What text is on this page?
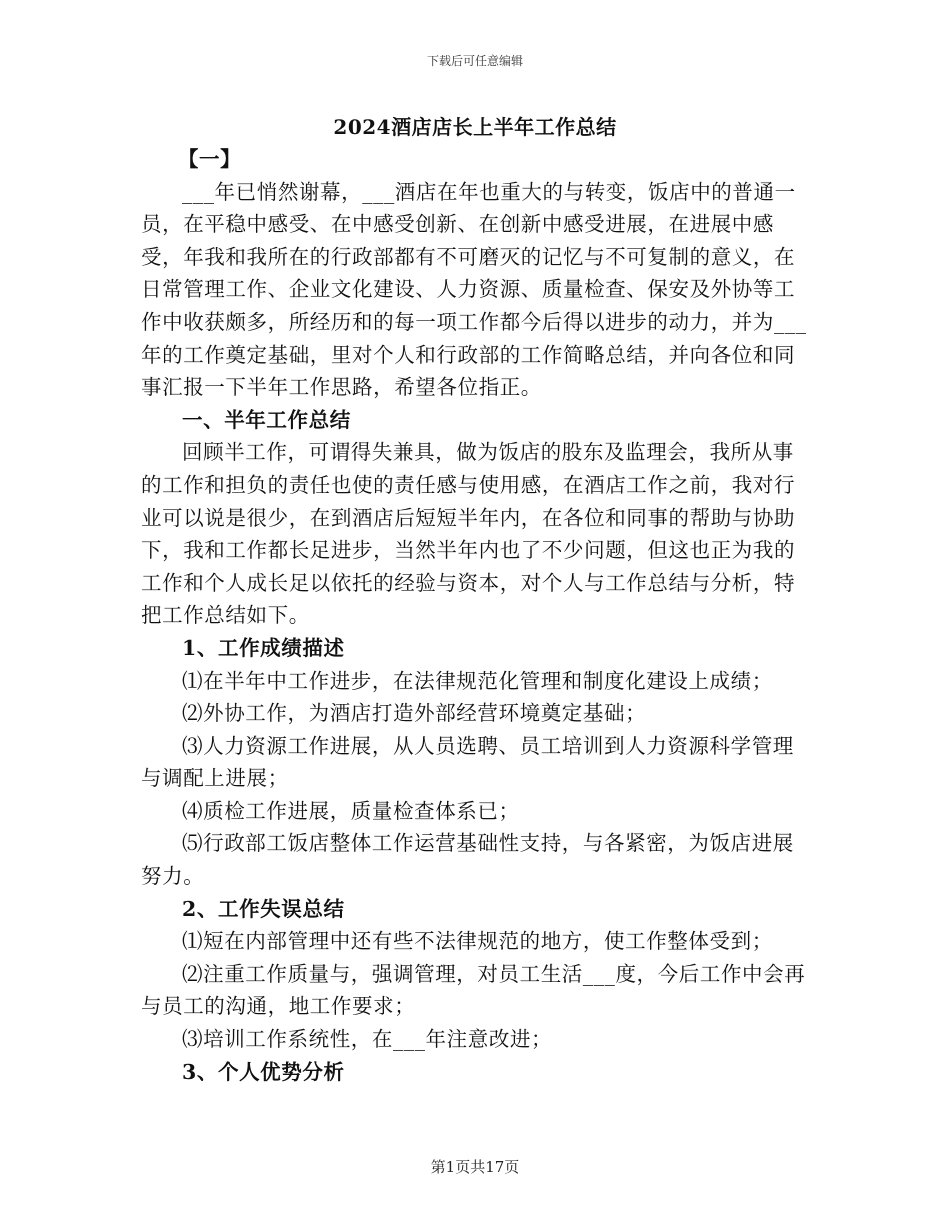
下载后可任意编辑
2024酒店店长上半年工作总结

【一】

___年已悄然谢幕，___酒店在年也重大的与转变，饭店中的普通一员，在平稳中感受、在中感受创新、在创新中感受进展，在进展中感受，年我和我所在的行政部都有不可磨灭的记忆与不可复制的意义，在日常管理工作、企业文化建设、人力资源、质量检查、保安及外协等工作中收获颇多，所经历和的每一项工作都今后得以进步的动力，并为___年的工作奠定基础，里对个人和行政部的工作简略总结，并向各位和同事汇报一下半年工作思路，希望各位指正。

一、半年工作总结

回顾半工作，可谓得失兼具，做为饭店的股东及监理会，我所从事的工作和担负的责任也使的责任感与使用感，在酒店工作之前，我对行业可以说是很少，在到酒店后短短半年内，在各位和同事的帮助与协助下，我和工作都长足进步，当然半年内也了不少问题，但这也正为我的工作和个人成长足以依托的经验与资本，对个人与工作总结与分析，特把工作总结如下。

1、工作成绩描述

⑴在半年中工作进步，在法律规范化管理和制度化建设上成绩；

⑵外协工作，为酒店打造外部经营环境奠定基础；

⑶人力资源工作进展，从人员选聘、员工培训到人力资源科学管理与调配上进展；

⑷质检工作进展，质量检查体系已；

⑸行政部工饭店整体工作运营基础性支持，与各紧密，为饭店进展努力。

2、工作失误总结

⑴短在内部管理中还有些不法律规范的地方，使工作整体受到；

⑵注重工作质量与，强调管理，对员工生活___度，今后工作中会再与员工的沟通，地工作要求；

⑶培训工作系统性，在___年注意改进；

3、个人优势分析

第1页共17页
